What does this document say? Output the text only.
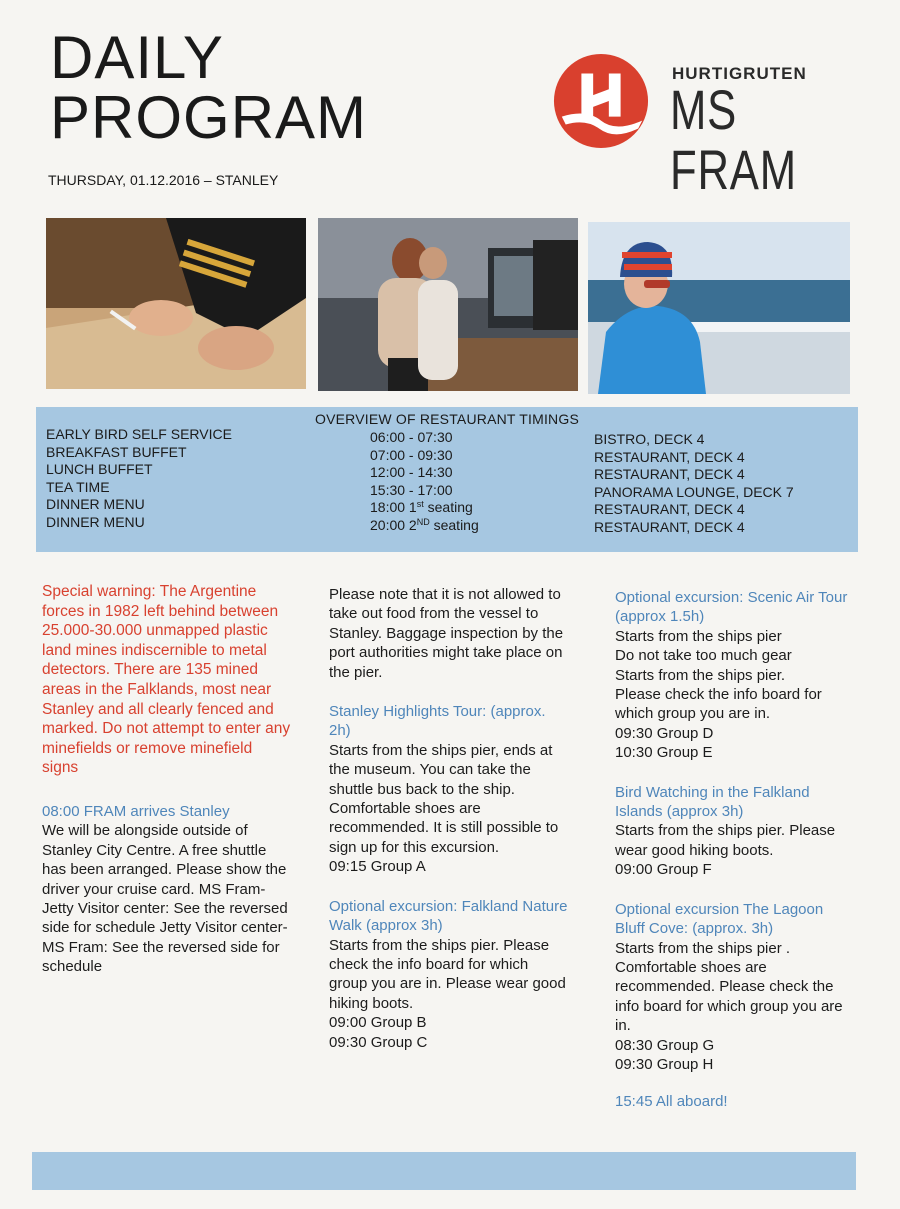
DAILY
PROGRAM
THURSDAY, 01.12.2016 – STANLEY
HURTIGRUTEN
MS FRAM
OVERVIEW OF RESTAURANT TIMINGS
EARLY BIRD SELF SERVICE
BREAKFAST BUFFET
LUNCH BUFFET
TEA TIME
DINNER MENU
DINNER MENU
06:00 - 07:30
07:00 - 09:30
12:00 - 14:30
15:30 - 17:00
18:00 1st seating
20:00 2ND seating
BISTRO, DECK 4
RESTAURANT, DECK 4
RESTAURANT, DECK 4
PANORAMA LOUNGE, DECK 7
RESTAURANT, DECK 4
RESTAURANT, DECK 4
Special warning: The Argentine forces in 1982 left behind between 25.000-30.000 unmapped plastic land mines indiscernible to metal detectors. There are 135 mined areas in the Falklands, most near Stanley and all clearly fenced and marked. Do not attempt to enter any minefields or remove minefield signs
08:00 FRAM arrives Stanley
We will be alongside outside of Stanley City Centre. A free shuttle has been arranged. Please show the driver your cruise card. MS Fram- Jetty Visitor center: See the reversed side for schedule Jetty Visitor center-MS Fram: See the reversed side for schedule
Please note that it is not allowed to take out food from the vessel to Stanley. Baggage inspection by the port authorities might take place on the pier.
Stanley Highlights Tour: (approx. 2h)
Starts from the ships pier, ends at the museum. You can take the shuttle bus back to the ship. Comfortable shoes are recommended. It is still possible to sign up for this excursion.
09:15 Group A
Optional excursion: Falkland Nature Walk (approx 3h)
Starts from the ships pier. Please check the info board for which group you are in. Please wear good hiking boots.
09:00 Group B
09:30 Group C
Optional excursion: Scenic Air Tour (approx 1.5h)
Starts from the ships pier
Do not take too much gear
Starts from the ships pier.
Please check the info board for which group you are in.
09:30 Group D
10:30 Group E
Bird Watching in the Falkland Islands (approx 3h)
Starts from the ships pier. Please wear good hiking boots.
09:00 Group F
Optional excursion The Lagoon Bluff Cove: (approx. 3h)
Starts from the ships pier . Comfortable shoes are recommended. Please check the info board for which group you are in.
08:30 Group G
09:30 Group H
15:45 All aboard!
